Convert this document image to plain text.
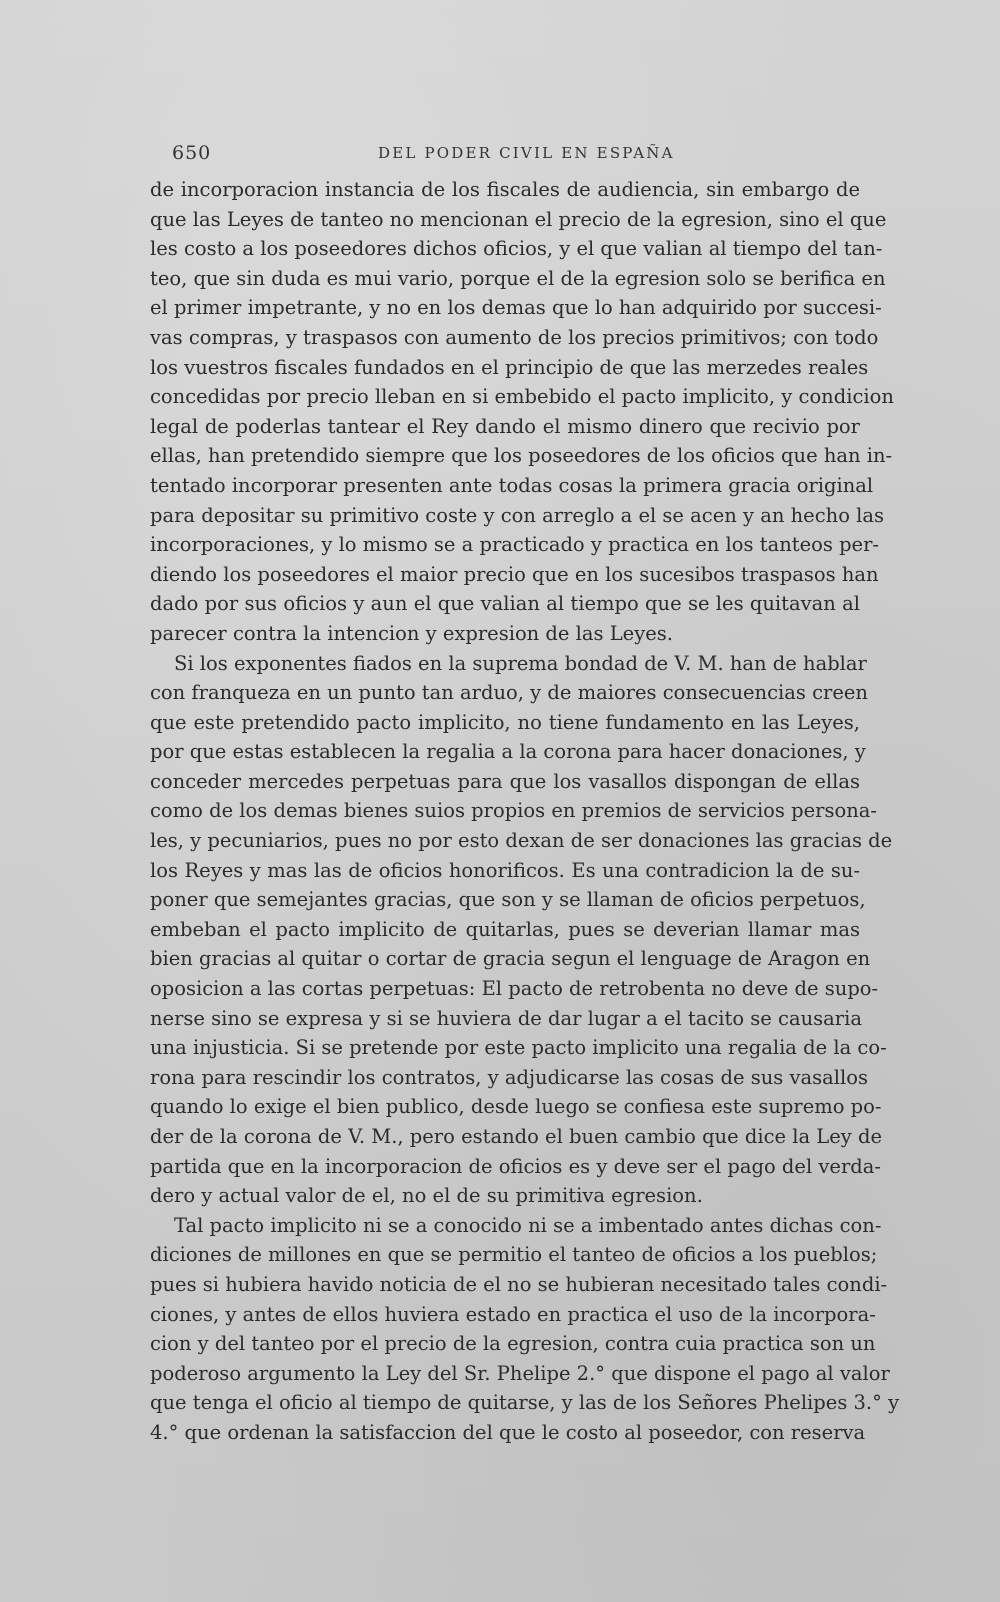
650	DEL PODER CIVIL EN ESPAÑA
de incorporacion instancia de los fiscales de audiencia, sin embargo de
que las Leyes de tanteo no mencionan el precio de la egresion, sino el que
les costo a los poseedores dichos oficios, y el que valian al tiempo del tan-
teo, que sin duda es mui vario, porque el de la egresion solo se berifica en
el primer impetrante, y no en los demas que lo han adquirido por succesi-
vas compras, y traspasos con aumento de los precios primitivos; con todo
los vuestros fiscales fundados en el principio de que las merzedes reales
concedidas por precio lleban en si embebido el pacto implicito, y condicion
legal de poderlas tantear el Rey dando el mismo dinero que recivio por
ellas, han pretendido siempre que los poseedores de los oficios que han in-
tentado incorporar presenten ante todas cosas la primera gracia original
para depositar su primitivo coste y con arreglo a el se acen y an hecho las
incorporaciones, y lo mismo se a practicado y practica en los tanteos per-
diendo los poseedores el maior precio que en los sucesibos traspasos han
dado por sus oficios y aun el que valian al tiempo que se les quitavan al
parecer contra la intencion y expresion de las Leyes.
Si los exponentes fiados en la suprema bondad de V. M. han de hablar
con franqueza en un punto tan arduo, y de maiores consecuencias creen
que este pretendido pacto implicito, no tiene fundamento en las Leyes,
por que estas establecen la regalia a la corona para hacer donaciones, y
conceder mercedes perpetuas para que los vasallos dispongan de ellas
como de los demas bienes suios propios en premios de servicios persona-
les, y pecuniarios, pues no por esto dexan de ser donaciones las gracias de
los Reyes y mas las de oficios honorificos. Es una contradicion la de su-
poner que semejantes gracias, que son y se llaman de oficios perpetuos,
embeban el pacto implicito de quitarlas, pues se deverian llamar mas
bien gracias al quitar o cortar de gracia segun el lenguage de Aragon en
oposicion a las cortas perpetuas: El pacto de retrobenta no deve de supo-
nerse sino se expresa y si se huviera de dar lugar a el tacito se causaria
una injusticia. Si se pretende por este pacto implicito una regalia de la co-
rona para rescindir los contratos, y adjudicarse las cosas de sus vasallos
quando lo exige el bien publico, desde luego se confiesa este supremo po-
der de la corona de V. M., pero estando el buen cambio que dice la Ley de
partida que en la incorporacion de oficios es y deve ser el pago del verda-
dero y actual valor de el, no el de su primitiva egresion.
Tal pacto implicito ni se a conocido ni se a imbentado antes dichas con-
diciones de millones en que se permitio el tanteo de oficios a los pueblos;
pues si hubiera havido noticia de el no se hubieran necesitado tales condi-
ciones, y antes de ellos huviera estado en practica el uso de la incorpora-
cion y del tanteo por el precio de la egresion, contra cuia practica son un
poderoso argumento la Ley del Sr. Phelipe 2.° que dispone el pago al valor
que tenga el oficio al tiempo de quitarse, y las de los Señores Phelipes 3.° y
4.° que ordenan la satisfaccion del que le costo al poseedor, con reserva
